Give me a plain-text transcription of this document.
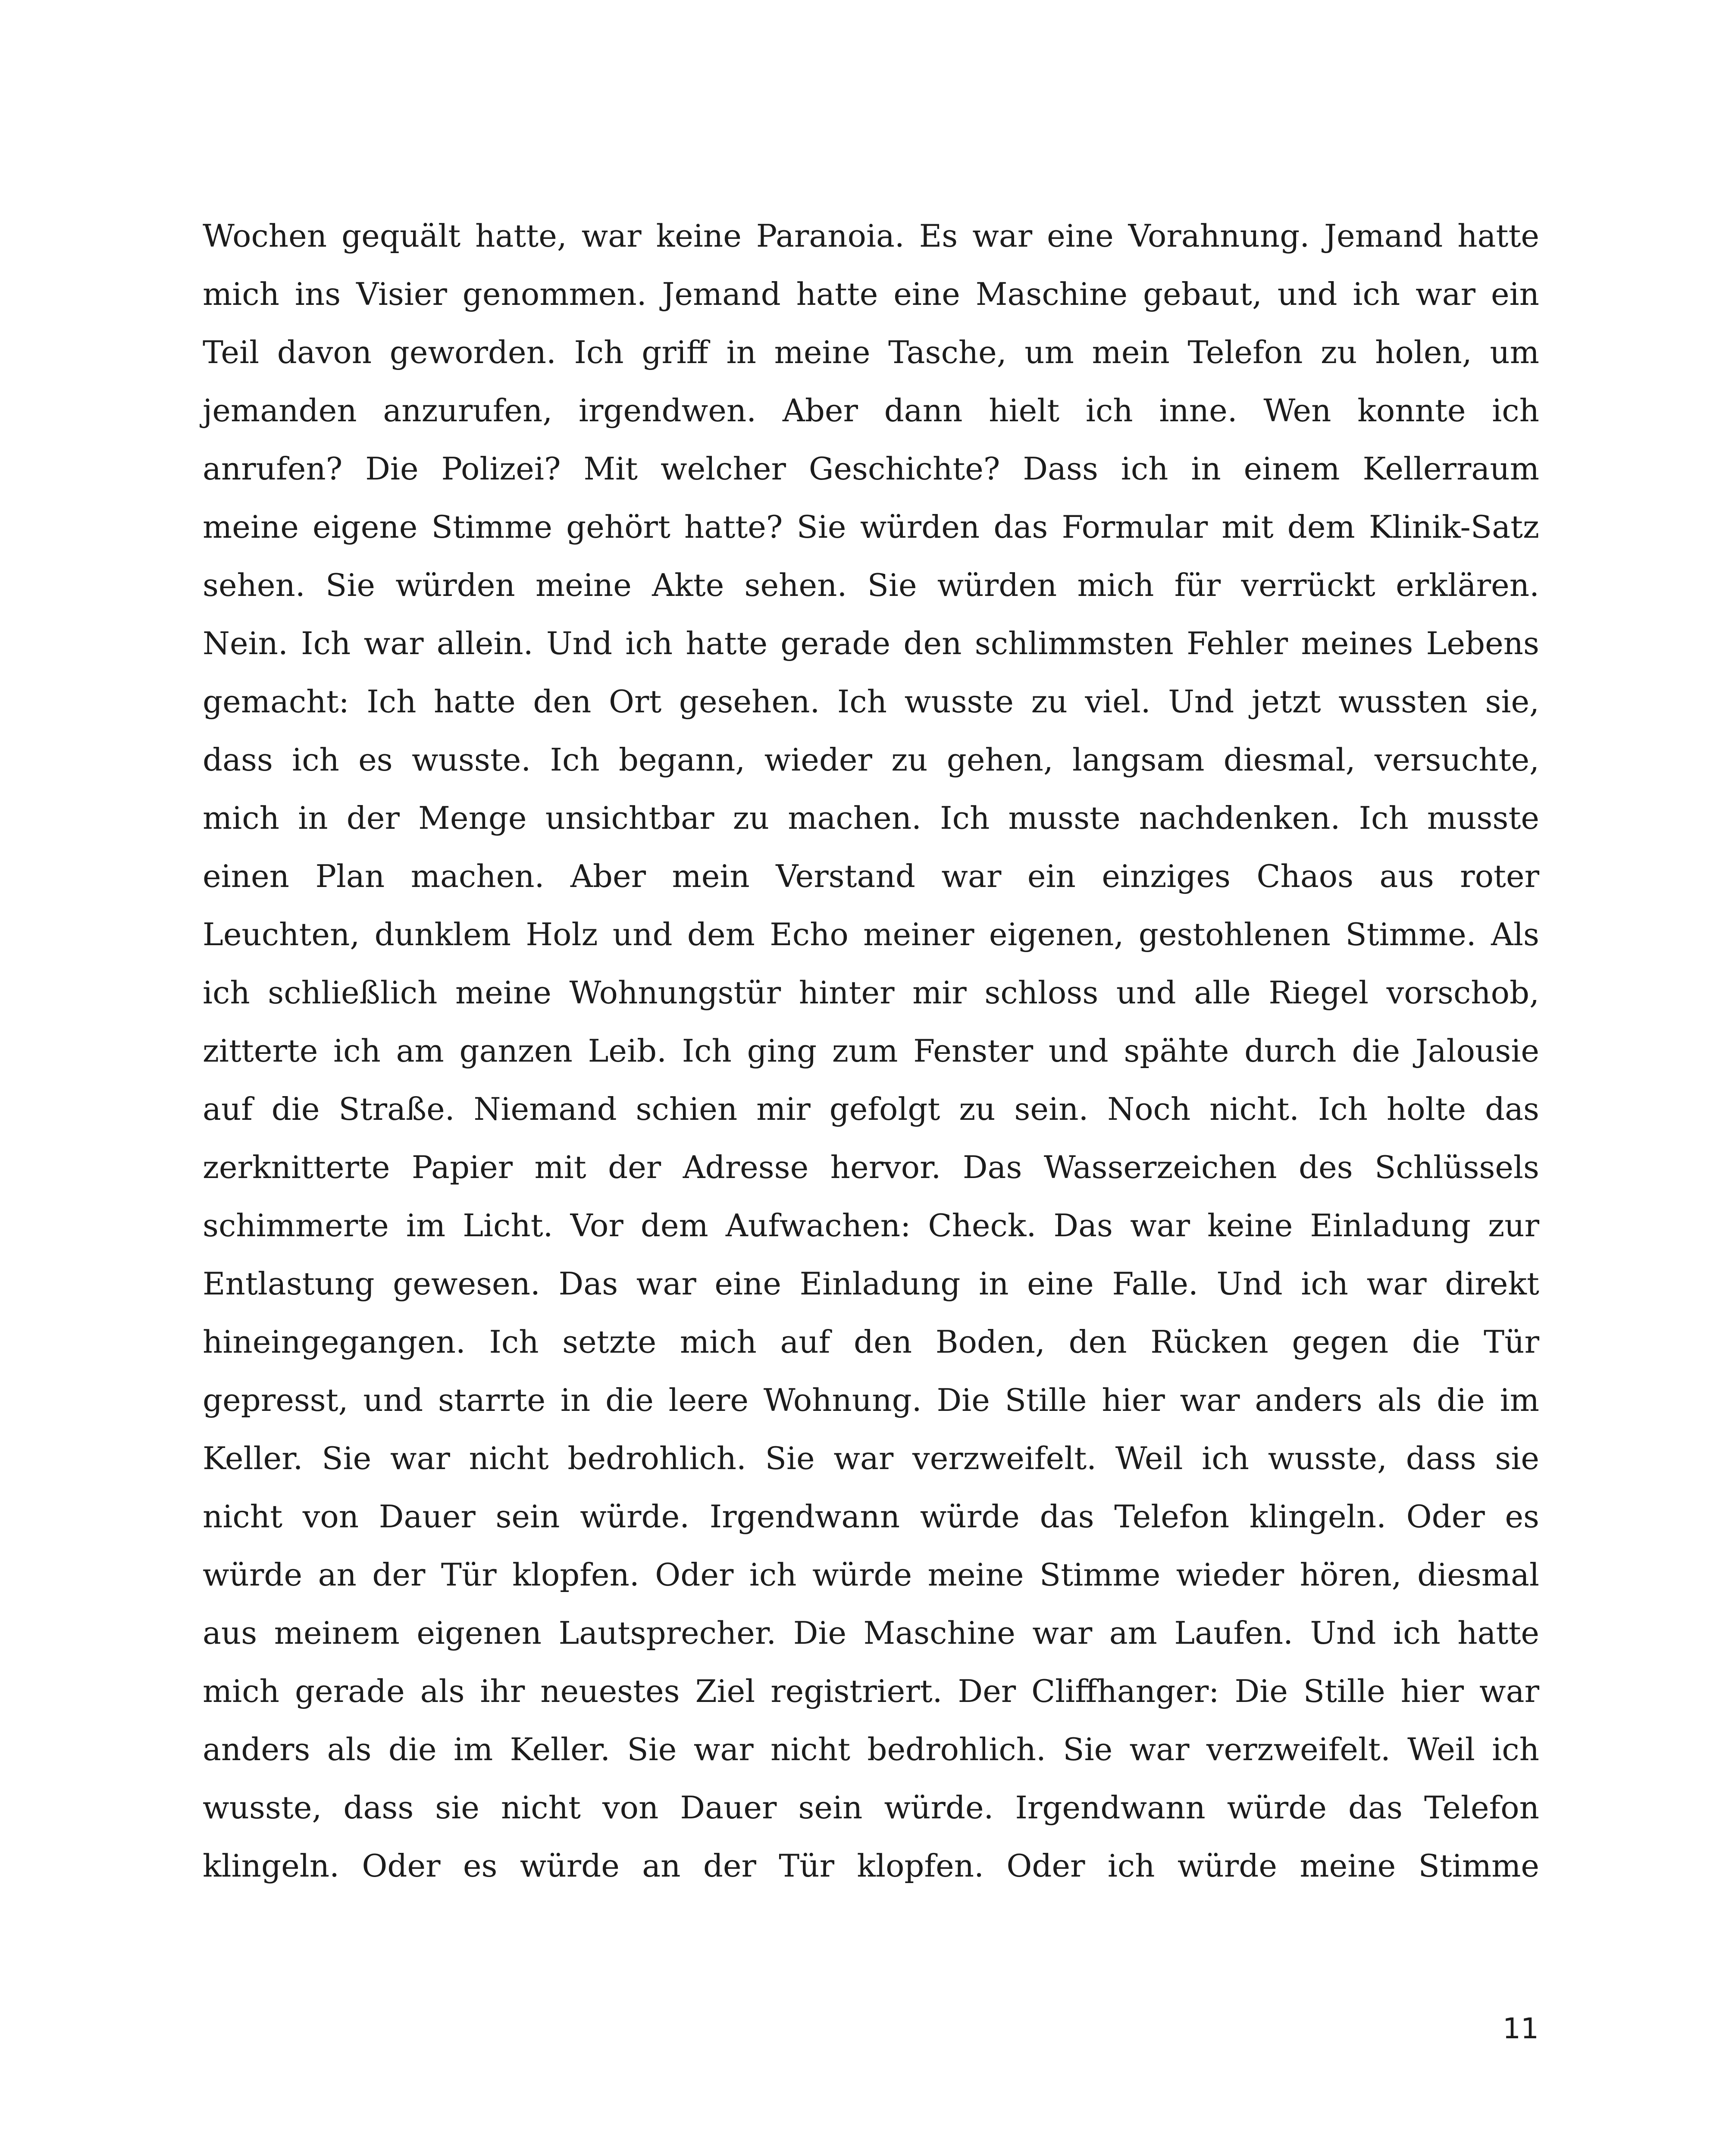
Wochen gequält hatte, war keine Paranoia. Es war eine Vorahnung. Jemand hatte
mich ins Visier genommen. Jemand hatte eine Maschine gebaut, und ich war ein
Teil davon geworden. Ich griff in meine Tasche, um mein Telefon zu holen, um
jemanden anzurufen, irgendwen. Aber dann hielt ich inne. Wen konnte ich
anrufen? Die Polizei? Mit welcher Geschichte? Dass ich in einem Kellerraum
meine eigene Stimme gehört hatte? Sie würden das Formular mit dem Klinik-Satz
sehen. Sie würden meine Akte sehen. Sie würden mich für verrückt erklären.
Nein. Ich war allein. Und ich hatte gerade den schlimmsten Fehler meines Lebens
gemacht: Ich hatte den Ort gesehen. Ich wusste zu viel. Und jetzt wussten sie,
dass ich es wusste. Ich begann, wieder zu gehen, langsam diesmal, versuchte,
mich in der Menge unsichtbar zu machen. Ich musste nachdenken. Ich musste
einen Plan machen. Aber mein Verstand war ein einziges Chaos aus roter
Leuchten, dunklem Holz und dem Echo meiner eigenen, gestohlenen Stimme. Als
ich schließlich meine Wohnungstür hinter mir schloss und alle Riegel vorschob,
zitterte ich am ganzen Leib. Ich ging zum Fenster und spähte durch die Jalousie
auf die Straße. Niemand schien mir gefolgt zu sein. Noch nicht. Ich holte das
zerknitterte Papier mit der Adresse hervor. Das Wasserzeichen des Schlüssels
schimmerte im Licht. Vor dem Aufwachen: Check. Das war keine Einladung zur
Entlastung gewesen. Das war eine Einladung in eine Falle. Und ich war direkt
hineingegangen. Ich setzte mich auf den Boden, den Rücken gegen die Tür
gepresst, und starrte in die leere Wohnung. Die Stille hier war anders als die im
Keller. Sie war nicht bedrohlich. Sie war verzweifelt. Weil ich wusste, dass sie
nicht von Dauer sein würde. Irgendwann würde das Telefon klingeln. Oder es
würde an der Tür klopfen. Oder ich würde meine Stimme wieder hören, diesmal
aus meinem eigenen Lautsprecher. Die Maschine war am Laufen. Und ich hatte
mich gerade als ihr neuestes Ziel registriert. Der Cliffhanger: Die Stille hier war
anders als die im Keller. Sie war nicht bedrohlich. Sie war verzweifelt. Weil ich
wusste, dass sie nicht von Dauer sein würde. Irgendwann würde das Telefon
klingeln. Oder es würde an der Tür klopfen. Oder ich würde meine Stimme
11
